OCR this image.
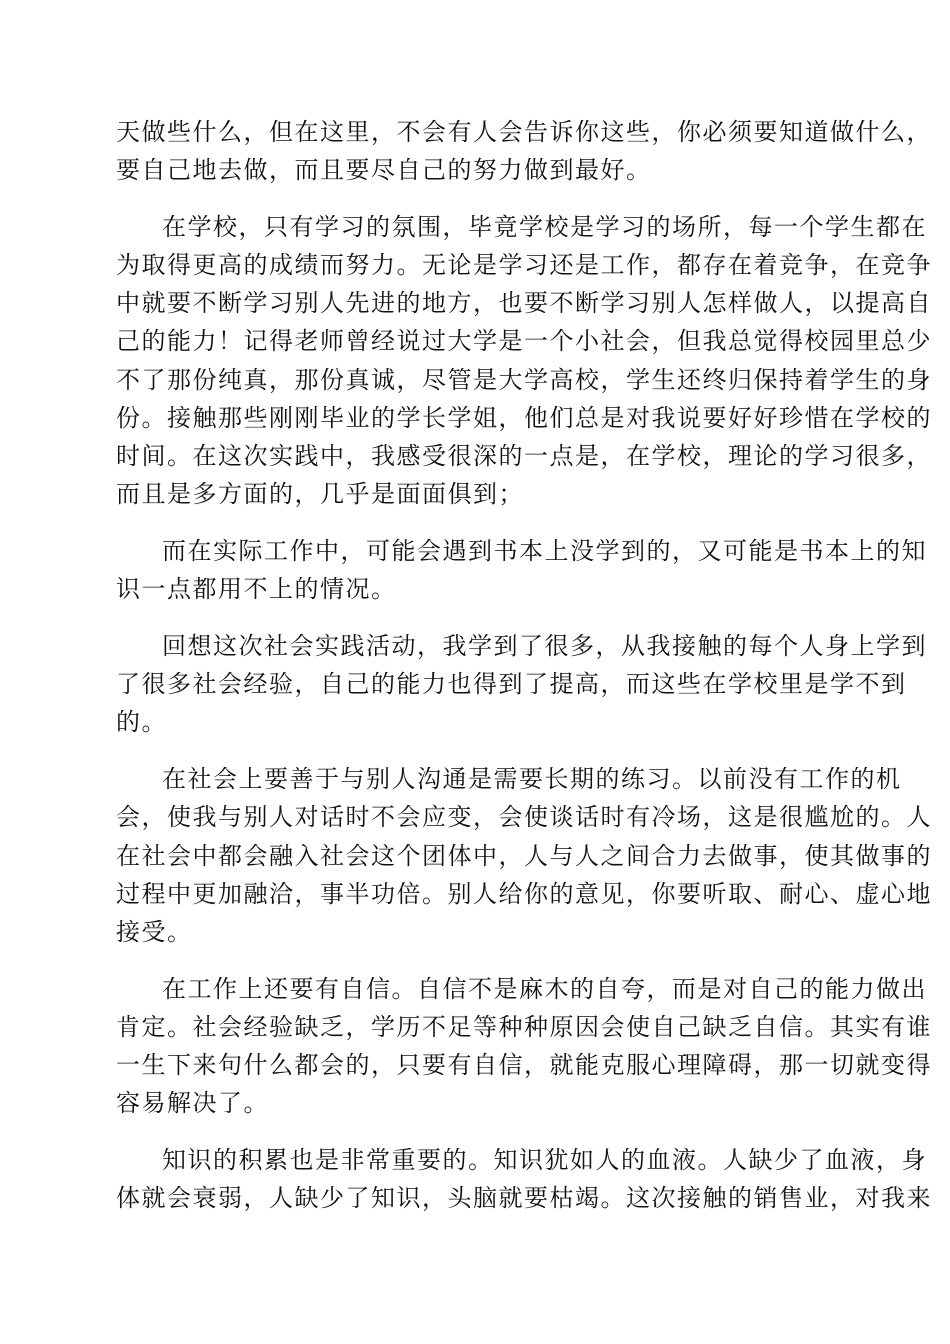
天做些什么，但在这里，不会有人会告诉你这些，你必须要知道做什么，
要自己地去做，而且要尽自己的努力做到最好。
在学校，只有学习的氛围，毕竟学校是学习的场所，每一个学生都在
为取得更高的成绩而努力。无论是学习还是工作，都存在着竞争，在竞争
中就要不断学习别人先进的地方，也要不断学习别人怎样做人，以提高自
己的能力！记得老师曾经说过大学是一个小社会，但我总觉得校园里总少
不了那份纯真，那份真诚，尽管是大学高校，学生还终归保持着学生的身
份。接触那些刚刚毕业的学长学姐，他们总是对我说要好好珍惜在学校的
时间。在这次实践中，我感受很深的一点是，在学校，理论的学习很多，
而且是多方面的，几乎是面面俱到；
而在实际工作中，可能会遇到书本上没学到的，又可能是书本上的知
识一点都用不上的情况。
回想这次社会实践活动，我学到了很多，从我接触的每个人身上学到
了很多社会经验，自己的能力也得到了提高，而这些在学校里是学不到
的。
在社会上要善于与别人沟通是需要长期的练习。以前没有工作的机
会，使我与别人对话时不会应变，会使谈话时有冷场，这是很尴尬的。人
在社会中都会融入社会这个团体中，人与人之间合力去做事，使其做事的
过程中更加融洽，事半功倍。别人给你的意见，你要听取、耐心、虚心地
接受。
在工作上还要有自信。自信不是麻木的自夸，而是对自己的能力做出
肯定。社会经验缺乏，学历不足等种种原因会使自己缺乏自信。其实有谁
一生下来句什么都会的，只要有自信，就能克服心理障碍，那一切就变得
容易解决了。
知识的积累也是非常重要的。知识犹如人的血液。人缺少了血液，身
体就会衰弱，人缺少了知识，头脑就要枯竭。这次接触的销售业，对我来
